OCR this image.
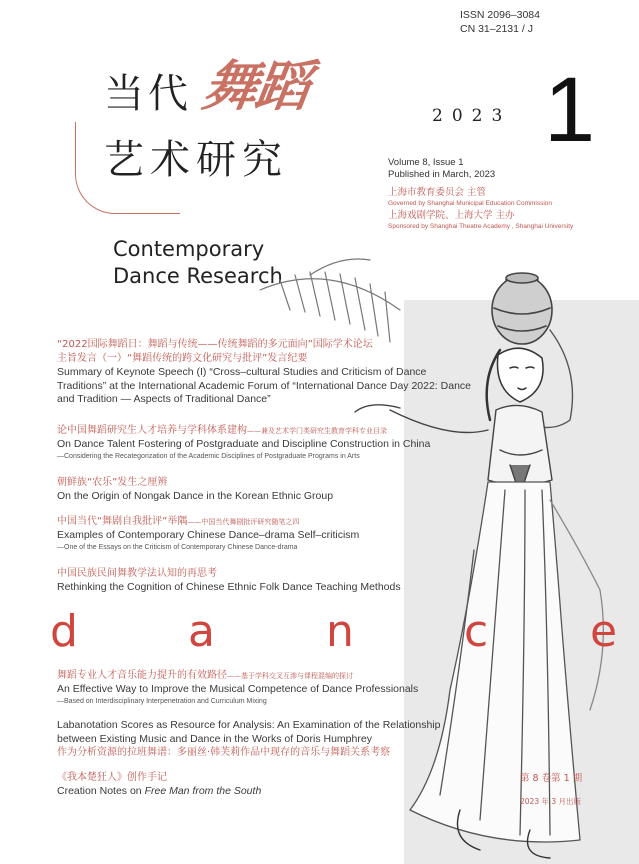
ISSN 2096–3084
CN 31–2131 / J
当代 舞蹈
艺术研究
2023 1
Volume 8, Issue 1
Published in March, 2023
上海市教育委员会 主管
Governed by Shanghai Municipal Education Commission
上海戏剧学院、上海大学 主办
Sponsored by Shanghai Theatre Academy , Shanghai University
Contemporary
Dance Research
“2022国际舞蹈日：舞蹈与传统——传统舞蹈的多元面向”国际学术论坛
主旨发言（一）“舞蹈传统的跨文化研究与批评”发言纪要
Summary of Keynote Speech (I) “Cross–cultural Studies and Criticism of Dance
Traditions” at the International Academic Forum of “International Dance Day 2022: Dance
and Tradition — Aspects of Traditional Dance”
论中国舞蹈研究生人才培养与学科体系建构——兼及艺术学门类研究生教育学科专业目录
On Dance Talent Fostering of Postgraduate and Discipline Construction in China
—Considering the Recategorization of the Academic Disciplines of Postgraduate Programs in Arts
朝鲜族“农乐”发生之厘辨
On the Origin of Nongak Dance in the Korean Ethnic Group
中国当代“舞剧自我批评”举隅——中国当代舞剧批评研究随笔之四
Examples of Contemporary Chinese Dance–drama Self–criticism
—One of the Essays on the Criticism of Contemporary Chinese Dance-drama
中国民族民间舞教学法认知的再思考
Rethinking the Cognition of Chinese Ethnic Folk Dance Teaching Methods
舞蹈专业人才音乐能力提升的有效路径——基于学科交叉互渗与课程混编的探讨
An Effective Way to Improve the Musical Competence of Dance Professionals
—Based on Interdisciplinary Interpenetration and Curriculum Mixing
Labanotation Scores as Resource for Analysis: An Examination of the Relationship
between Existing Music and Dance in the Works of Doris Humphrey
作为分析资源的拉班舞谱：多丽丝·韩芙莉作品中现存的音乐与舞蹈关系考察
《我本楚狂人》创作手记
Creation Notes on Free Man from the South
d	a	n	c e
第 8 卷第 1 期
2023 年 3 月出版
